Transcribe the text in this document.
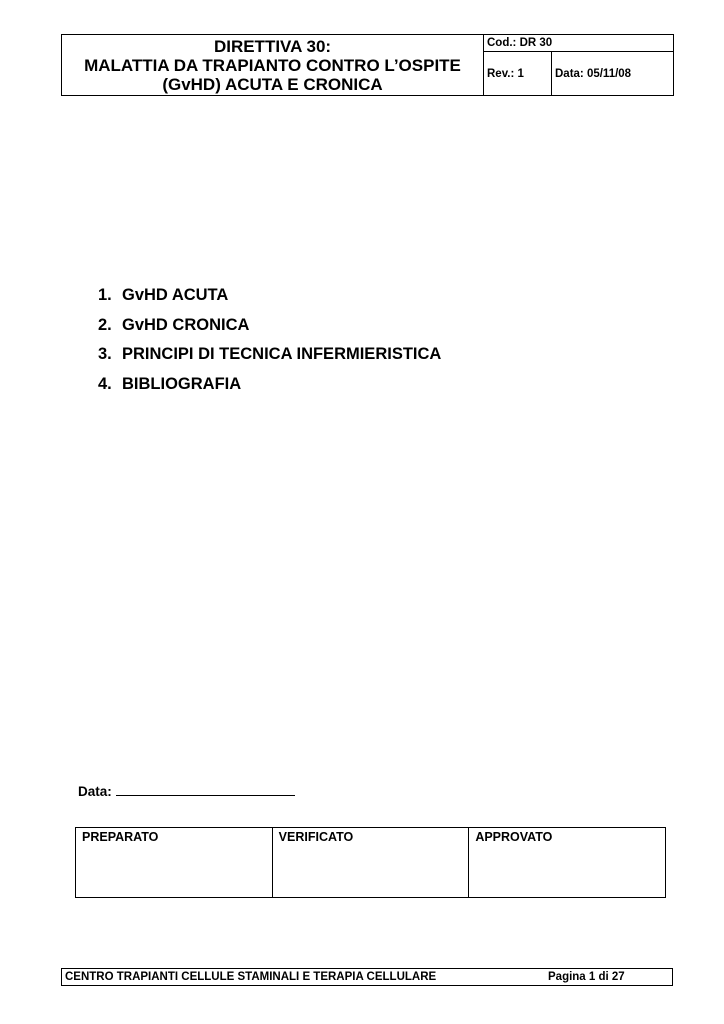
DIRETTIVA 30:
MALATTIA DA TRAPIANTO CONTRO L’OSPITE
(GvHD) ACUTA E CRONICA	Cod.: DR 30	
	Rev.: 1	Data: 05/11/08
1. GvHD ACUTA
2. GvHD CRONICA
3. PRINCIPI DI TECNICA INFERMIERISTICA
4. BIBLIOGRAFIA
Data:
PREPARATO	VERIFICATO	APPROVATO
CENTRO TRAPIANTI CELLULE STAMINALI E TERAPIA CELLULARE	Pagina 1 di 27
